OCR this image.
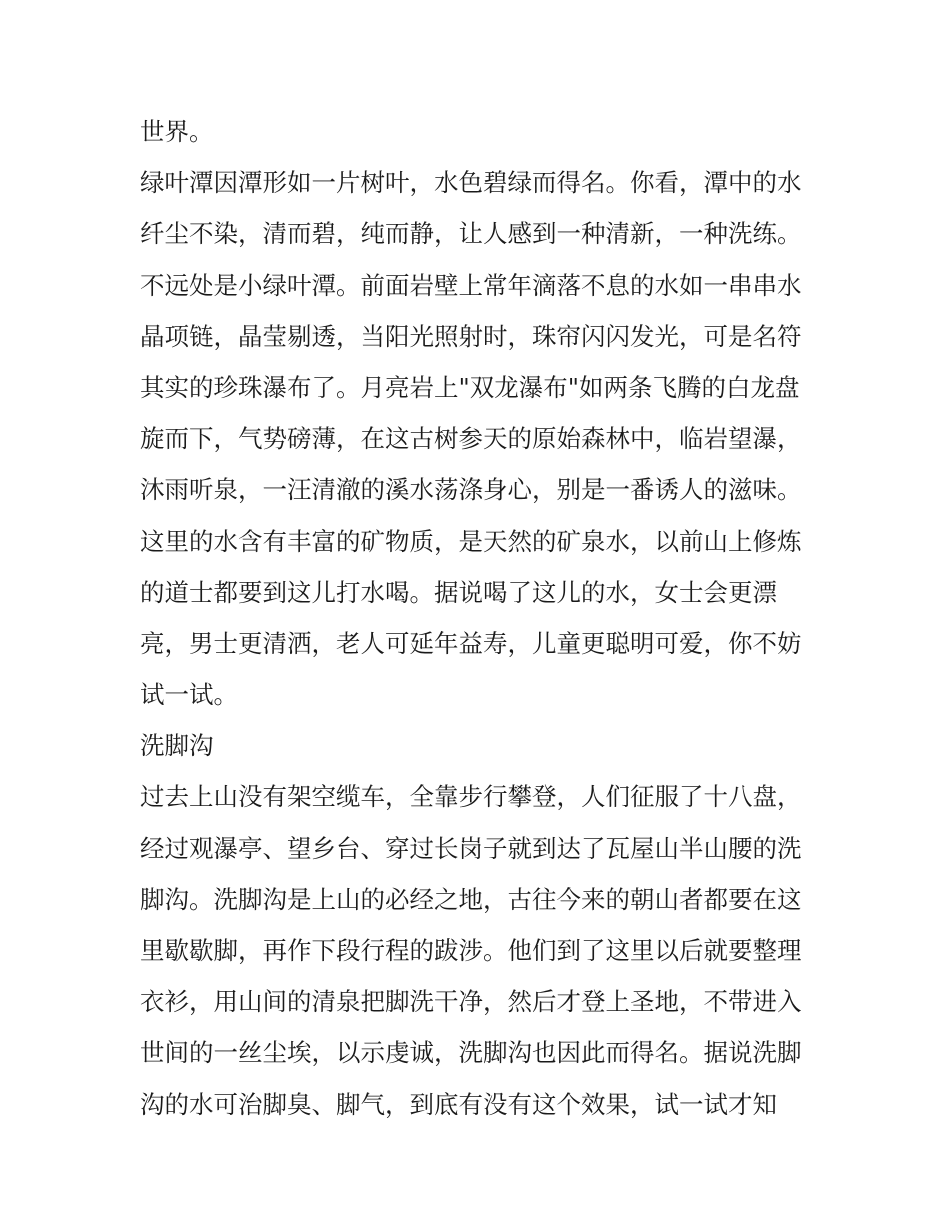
世界。
绿叶潭因潭形如一片树叶，水色碧绿而得名。你看，潭中的水
纤尘不染，清而碧，纯而静，让人感到一种清新，一种洗练。
不远处是小绿叶潭。前面岩壁上常年滴落不息的水如一串串水
晶项链，晶莹剔透，当阳光照射时，珠帘闪闪发光，可是名符
其实的珍珠瀑布了。月亮岩上"双龙瀑布"如两条飞腾的白龙盘
旋而下，气势磅薄，在这古树参天的原始森林中，临岩望瀑，
沐雨听泉，一汪清澈的溪水荡涤身心，别是一番诱人的滋味。
这里的水含有丰富的矿物质，是天然的矿泉水，以前山上修炼
的道士都要到这儿打水喝。据说喝了这儿的水，女士会更漂
亮，男士更清洒，老人可延年益寿，儿童更聪明可爱，你不妨
试一试。
洗脚沟
过去上山没有架空缆车，全靠步行攀登，人们征服了十八盘，
经过观瀑亭、望乡台、穿过长岗子就到达了瓦屋山半山腰的洗
脚沟。洗脚沟是上山的必经之地，古往今来的朝山者都要在这
里歇歇脚，再作下段行程的跋涉。他们到了这里以后就要整理
衣衫，用山间的清泉把脚洗干净，然后才登上圣地，不带进入
世间的一丝尘埃，以示虔诚，洗脚沟也因此而得名。据说洗脚
沟的水可治脚臭、脚气，到底有没有这个效果，试一试才知
